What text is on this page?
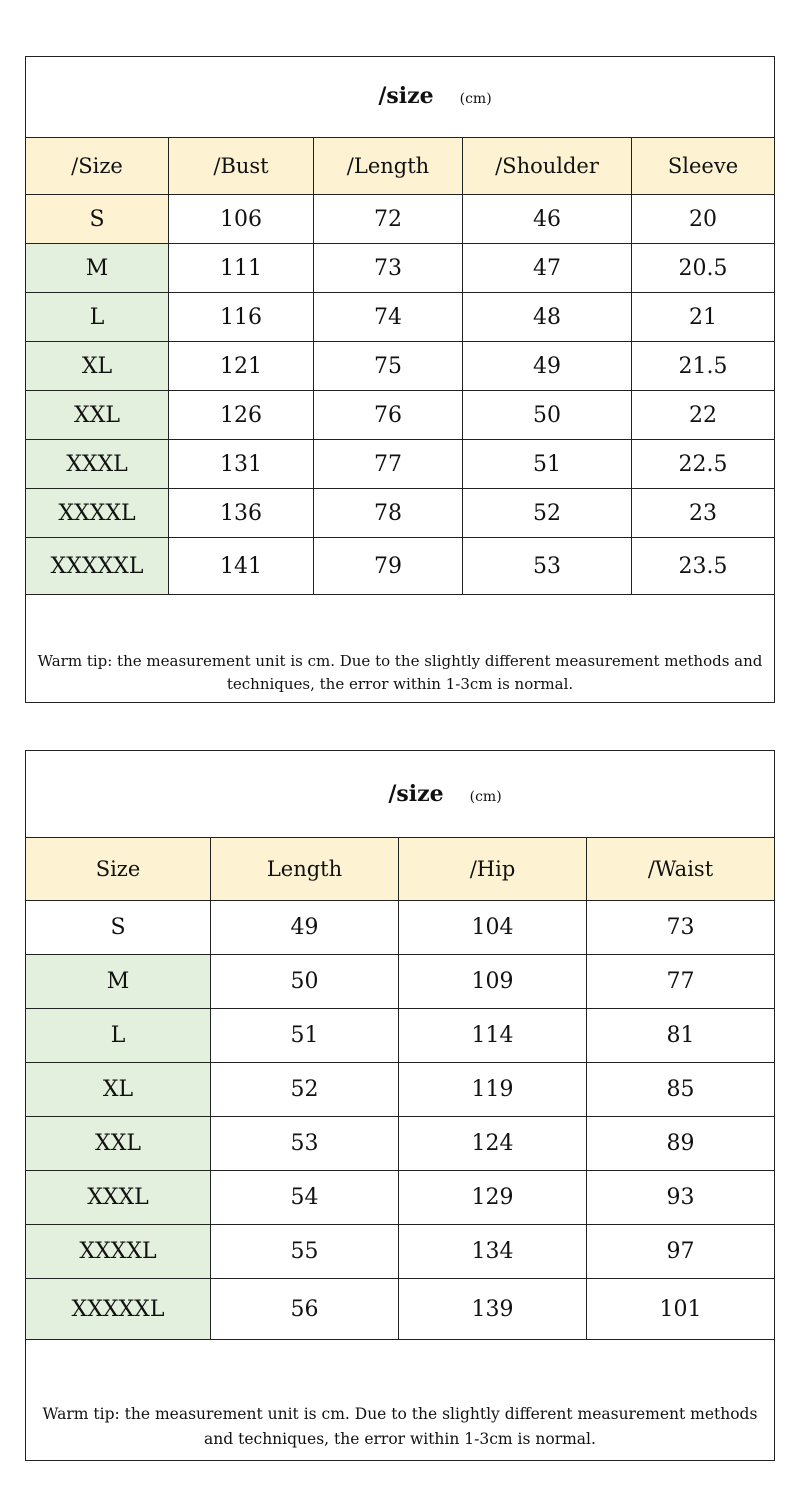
/size (cm)
/Size	/Bust	/Length	/Shoulder	Sleeve
S	106	72	46	20
M	111	73	47	20.5
L	116	74	48	21
XL	121	75	49	21.5
XXL	126	76	50	22
XXXL	131	77	51	22.5
XXXXL	136	78	52	23
XXXXXL	141	79	53	23.5
Warm tip: the measurement unit is cm. Due to the slightly different measurement methods and techniques, the error within 1-3cm is normal.
/size (cm)
Size	Length	/Hip	/Waist
S	49	104	73
M	50	109	77
L	51	114	81
XL	52	119	85
XXL	53	124	89
XXXL	54	129	93
XXXXL	55	134	97
XXXXXL	56	139	101
Warm tip: the measurement unit is cm. Due to the slightly different measurement methods and techniques, the error within 1-3cm is normal.
